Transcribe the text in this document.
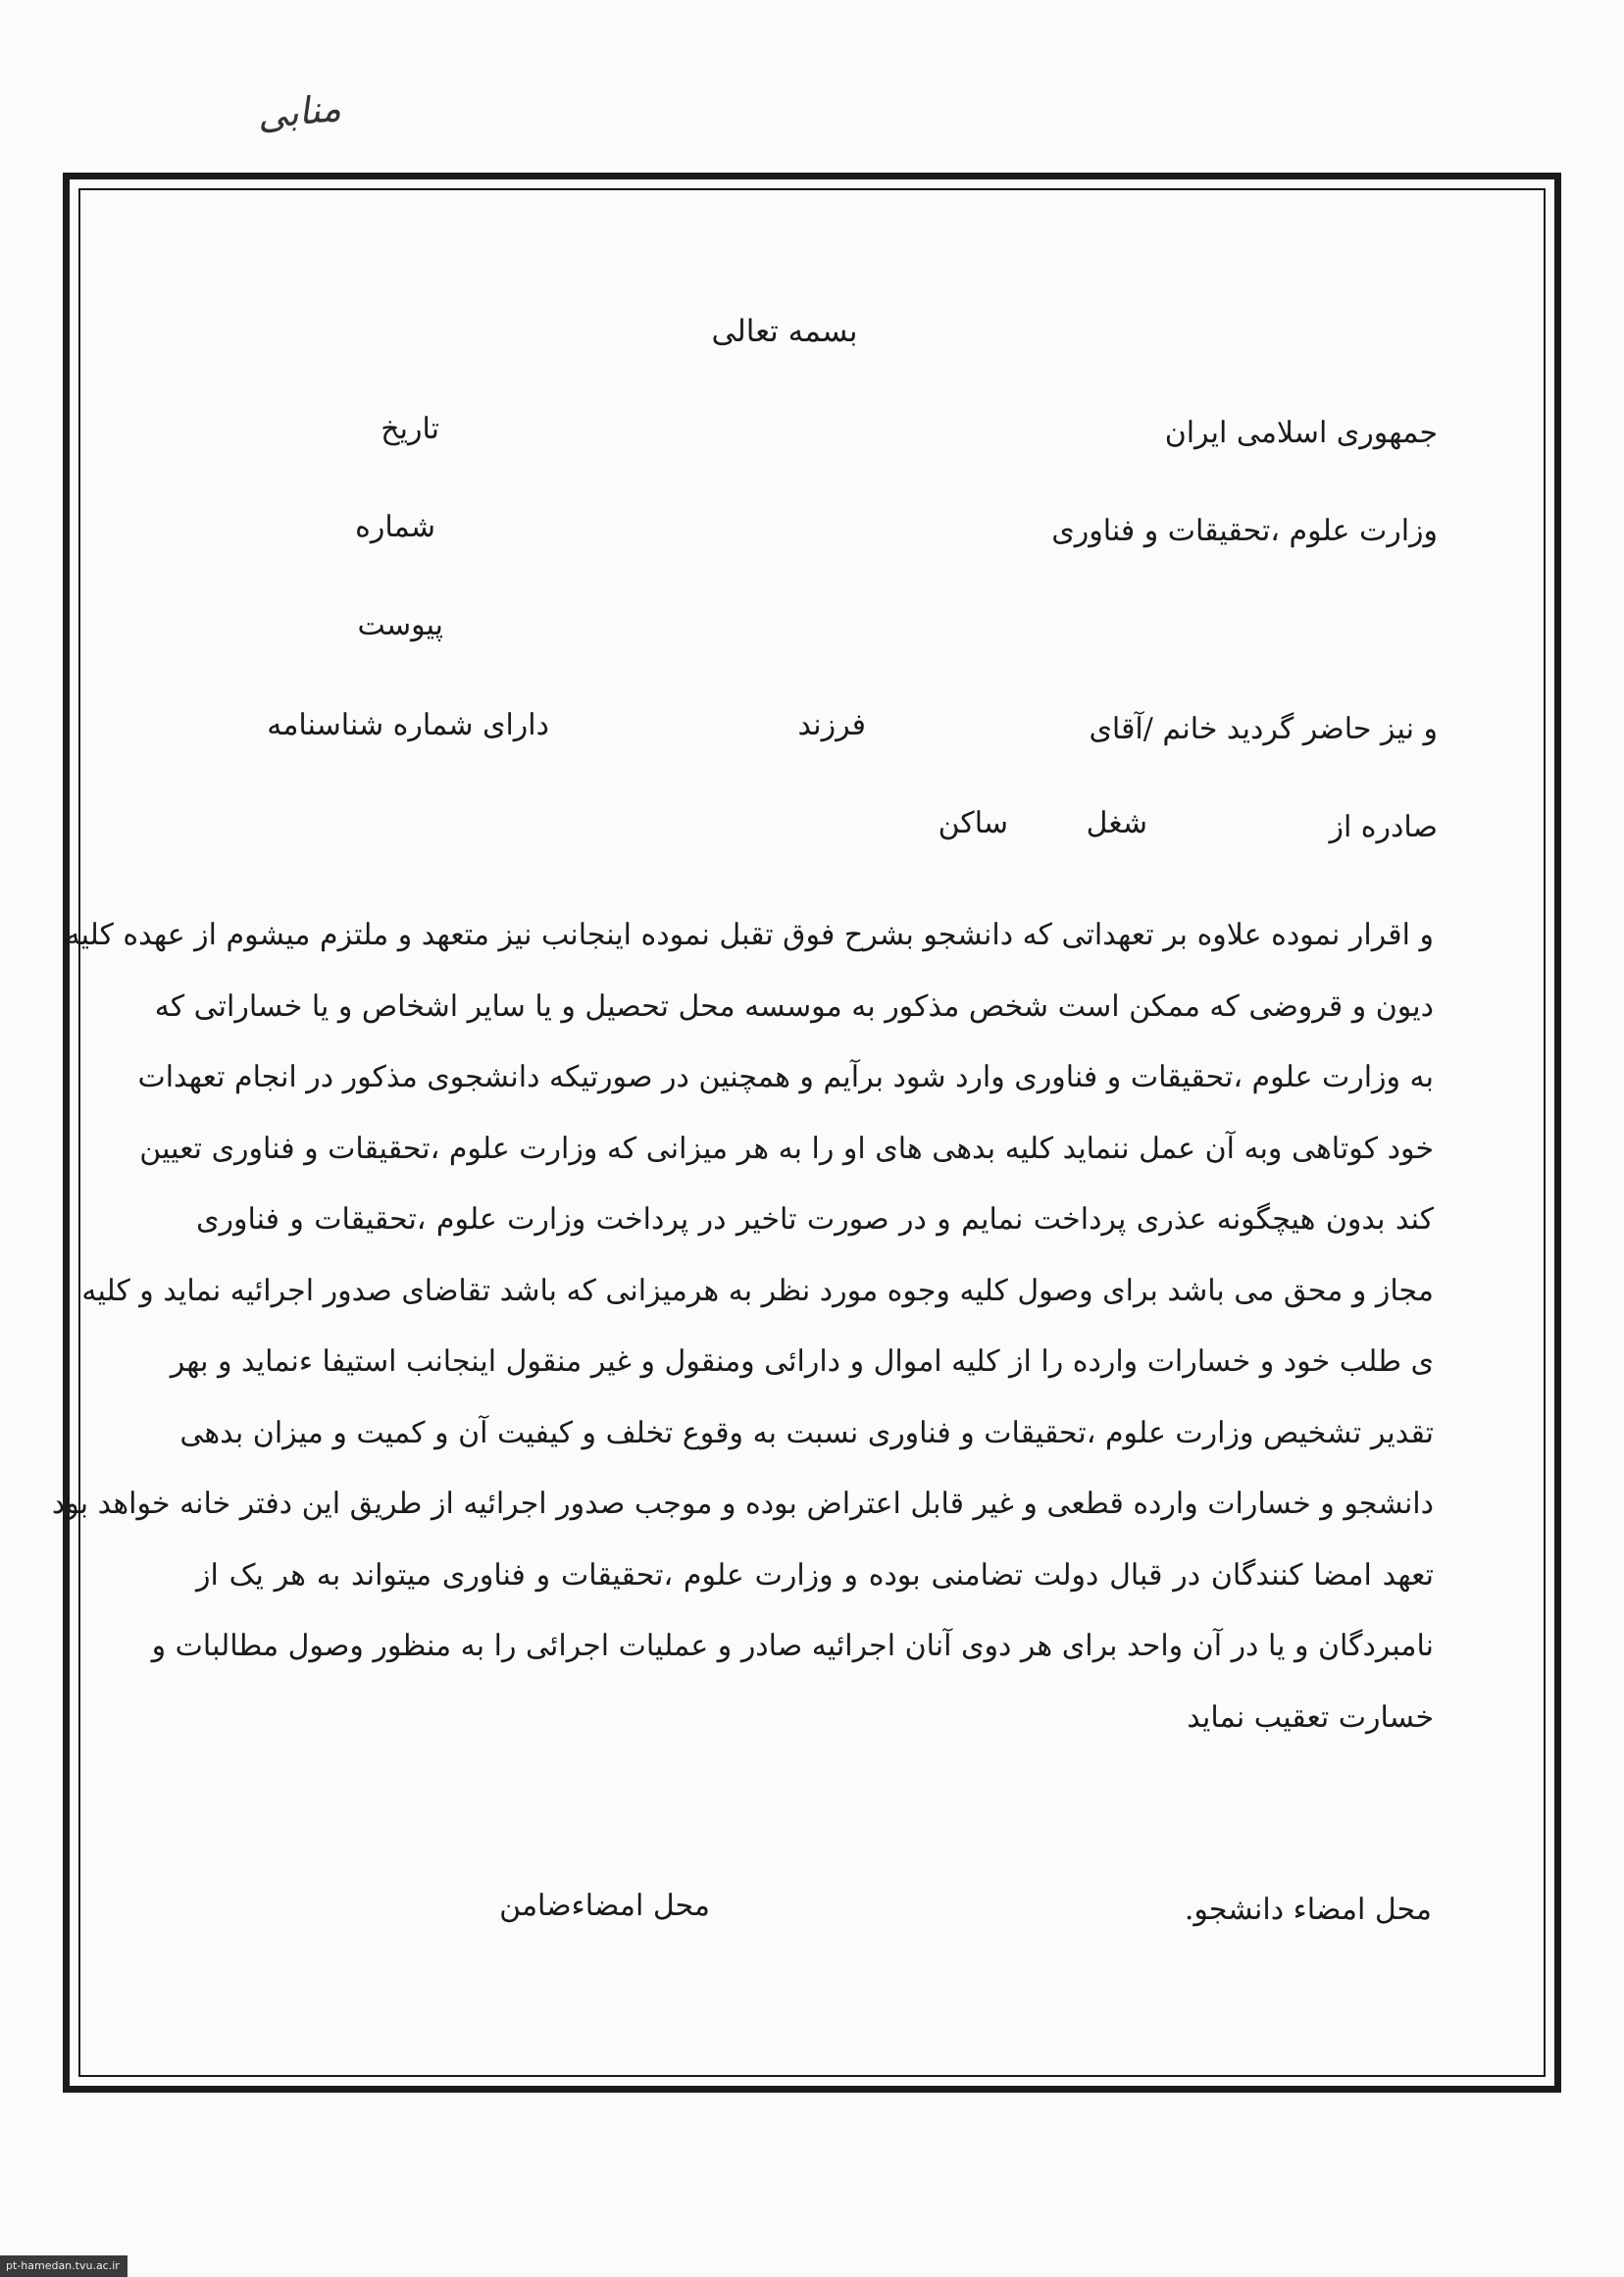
منابی
بسمه تعالی
جمهوری اسلامی ایران
وزارت علوم ،تحقیقات و فناوری
تاریخ
شماره
پیوست
و نیز حاضر گردید خانم /آقای
فرزند
دارای شماره شناسنامه
صادره از
شغل
ساکن
و اقرار نموده علاوه بر تعهداتی که دانشجو بشرح فوق تقبل نموده اینجانب نیز متعهد و ملتزم میشوم از عهده کلیه
دیون و قروضی که ممکن است شخص مذکور به موسسه محل تحصیل و یا سایر اشخاص و یا خساراتی که
به وزارت علوم ،تحقیقات و فناوری وارد شود برآیم و همچنین در صورتیکه دانشجوی مذکور در انجام تعهدات
خود کوتاهی وبه آن عمل ننماید کلیه بدهی های او را به هر میزانی که وزارت علوم ،تحقیقات و فناوری تعیین
کند بدون هیچگونه عذری پرداخت نمایم و در صورت تاخیر در پرداخت وزارت علوم ،تحقیقات و فناوری
مجاز و محق می باشد برای وصول کلیه وجوه مورد نظر به هرمیزانی که باشد تقاضای صدور اجرائیه نماید و کلیه
ی طلب خود و خسارات وارده را از کلیه اموال و دارائی ومنقول و غیر منقول اینجانب استیفا ءنماید و بهر
تقدیر تشخیص وزارت علوم ،تحقیقات و فناوری نسبت به وقوع تخلف و کیفیت آن و کمیت و میزان بدهی
دانشجو و خسارات وارده قطعی و غیر قابل اعتراض بوده و موجب صدور اجرائیه از طریق این دفتر خانه خواهد بود
تعهد امضا کنندگان در قبال دولت تضامنی بوده و وزارت علوم ،تحقیقات و فناوری میتواند به هر یک از
نامبردگان و یا در آن واحد برای هر دوی آنان اجرائیه صادر و عملیات اجرائی را به منظور وصول مطالبات و
خسارت تعقیب نماید
محل امضاء دانشجو.
محل امضاءضامن
pt-hamedan.tvu.ac.ir
